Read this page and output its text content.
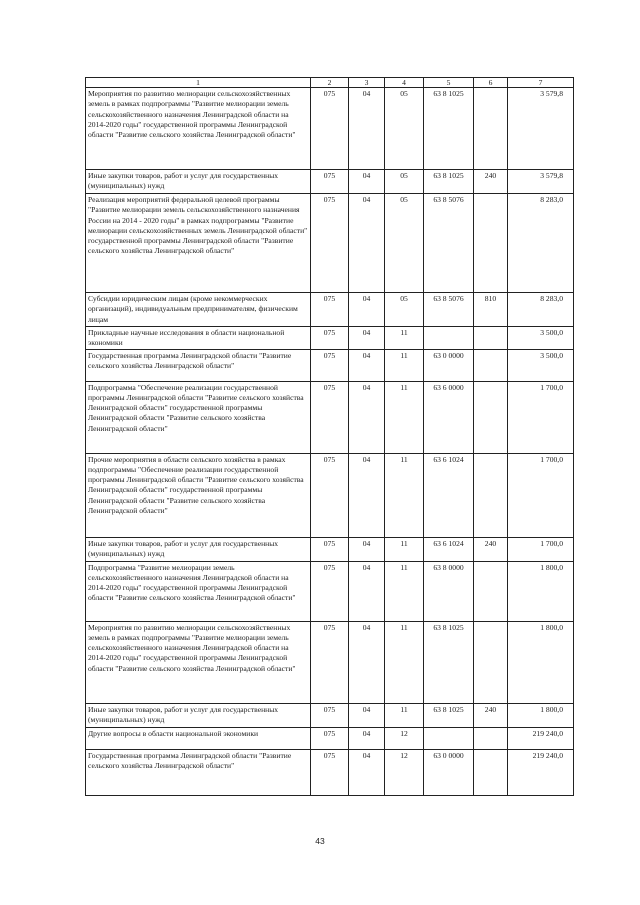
1	2	3	4	5	6	7
Мероприятия по развитию мелиорации сельскохозяйственных земель в рамках подпрограммы "Развитие мелиорации земель сельскохозяйственного назначения Ленинградской области на 2014-2020 годы" государственной программы Ленинградской области "Развитие сельского хозяйства Ленинградской области"	075	04	05	63 8 1025		3 579,8
Иные закупки товаров, работ и услуг для государственных (муниципальных) нужд	075	04	05	63 8 1025	240	3 579,8
Реализация мероприятий федеральной целевой программы "Развитие мелиорации земель сельскохозяйственного назначения России на 2014 - 2020 годы" в рамках подпрограммы "Развитие мелиорации сельскохозяйственных земель Ленинградской области" государственной программы Ленинградской области "Развитие сельского хозяйства Ленинградской области"	075	04	05	63 8 5076		8 283,0
Субсидии юридическим лицам (кроме некоммерческих организаций), индивидуальным предпринимателям, физическим лицам	075	04	05	63 8 5076	810	8 283,0
Прикладные научные исследования в области национальной экономики	075	04	11			3 500,0
Государственная программа Ленинградской области "Развитие сельского хозяйства Ленинградской области"	075	04	11	63 0 0000		3 500,0
Подпрограмма "Обеспечение реализации государственной программы Ленинградской области "Развитие сельского хозяйства Ленинградской области" государственной программы Ленинградской области "Развитие сельского хозяйства Ленинградской области"	075	04	11	63 6 0000		1 700,0
Прочие мероприятия в области сельского хозяйства в рамках подпрограммы "Обеспечение реализации государственной программы Ленинградской области "Развитие сельского хозяйства Ленинградской области" государственной программы Ленинградской области "Развитие сельского хозяйства Ленинградской области"	075	04	11	63 6 1024		1 700,0
Иные закупки товаров, работ и услуг для государственных (муниципальных) нужд	075	04	11	63 6 1024	240	1 700,0
Подпрограмма "Развитие мелиорации земель сельскохозяйственного назначения Ленинградской области на 2014-2020 годы" государственной программы Ленинградской области "Развитие сельского хозяйства Ленинградской области"	075	04	11	63 8 0000		1 800,0
Мероприятия по развитию мелиорации сельскохозяйственных земель в рамках подпрограммы "Развитие мелиорации земель сельскохозяйственного назначения Ленинградской области на 2014-2020 годы" государственной программы Ленинградской области "Развитие сельского хозяйства Ленинградской области"	075	04	11	63 8 1025		1 800,0
Иные закупки товаров, работ и услуг для государственных (муниципальных) нужд	075	04	11	63 8 1025	240	1 800,0
Другие вопросы в области национальной экономики	075	04	12			219 240,0
Государственная программа Ленинградской области "Развитие сельского хозяйства Ленинградской области"	075	04	12	63 0 0000		219 240,0
43
